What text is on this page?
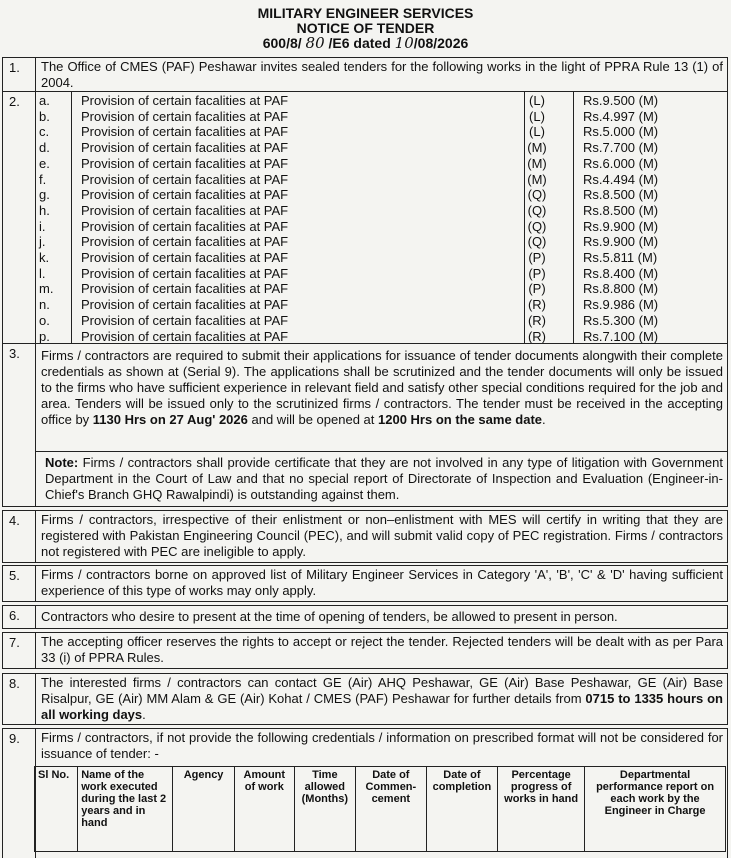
MILITARY ENGINEER SERVICES
NOTICE OF TENDER
600/8/ 80 /E6 dated 10/08/2026
1. The Office of CMES (PAF) Peshawar invites sealed tenders for the following works in the light of PPRA Rule 13 (1) of 2004.
2. a.	Provision of certain facalities at PAF	(L)	Rs.9.500 (M)
b.	Provision of certain facalities at PAF	(L)	Rs.4.997 (M)
c.	Provision of certain facalities at PAF	(L)	Rs.5.000 (M)
d.	Provision of certain facalities at PAF	(M)	Rs.7.700 (M)
e.	Provision of certain facalities at PAF	(M)	Rs.6.000 (M)
f.	Provision of certain facalities at PAF	(M)	Rs.4.494 (M)
g.	Provision of certain facalities at PAF	(Q)	Rs.8.500 (M)
h.	Provision of certain facalities at PAF	(Q)	Rs.8.500 (M)
i.	Provision of certain facalities at PAF	(Q)	Rs.9.900 (M)
j.	Provision of certain facalities at PAF	(Q)	Rs.9.900 (M)
k.	Provision of certain facalities at PAF	(P)	Rs.5.811 (M)
l.	Provision of certain facalities at PAF	(P)	Rs.8.400 (M)
m.	Provision of certain facalities at PAF	(P)	Rs.8.800 (M)
n.	Provision of certain facalities at PAF	(R)	Rs.9.986 (M)
o.	Provision of certain facalities at PAF	(R)	Rs.5.300 (M)
p.	Provision of certain facalities at PAF	(R)	Rs.7.100 (M)
3. Firms / contractors are required to submit their applications for issuance of tender documents alongwith their complete credentials as shown at (Serial 9). The applications shall be scrutinized and the tender documents will only be issued to the firms who have sufficient experience in relevant field and satisfy other special conditions required for the job and area. Tenders will be issued only to the scrutinized firms / contractors. The tender must be received in the accepting office by 1130 Hrs on 27 Aug' 2026 and will be opened at 1200 Hrs on the same date.
Note: Firms / contractors shall provide certificate that they are not involved in any type of litigation with Government Department in the Court of Law and that no special report of Directorate of Inspection and Evaluation (Engineer-in-Chief's Branch GHQ Rawalpindi) is outstanding against them.
4. Firms / contractors, irrespective of their enlistment or non–enlistment with MES will certify in writing that they are registered with Pakistan Engineering Council (PEC), and will submit valid copy of PEC registration. Firms / contractors not registered with PEC are ineligible to apply.
5. Firms / contractors borne on approved list of Military Engineer Services in Category 'A', 'B', 'C' & 'D' having sufficient experience of this type of works may only apply.
6. Contractors who desire to present at the time of opening of tenders, be allowed to present in person.
7. The accepting officer reserves the rights to accept or reject the tender. Rejected tenders will be dealt with as per Para 33 (i) of PPRA Rules.
8. The interested firms / contractors can contact GE (Air) AHQ Peshawar, GE (Air) Base Peshawar, GE (Air) Base Risalpur, GE (Air) MM Alam & GE (Air) Kohat / CMES (PAF) Peshawar for further details from 0715 to 1335 hours on all working days.
9. Firms / contractors, if not provide the following credentials / information on prescribed format will not be considered for issuance of tender: -
Sl No.	Name of the work executed during the last 2 years and in hand	Agency	Amount of work	Time allowed (Months)	Date of Commen-cement	Date of completion	Percentage progress of works in hand	Departmental performance report on each work by the Engineer in Charge
